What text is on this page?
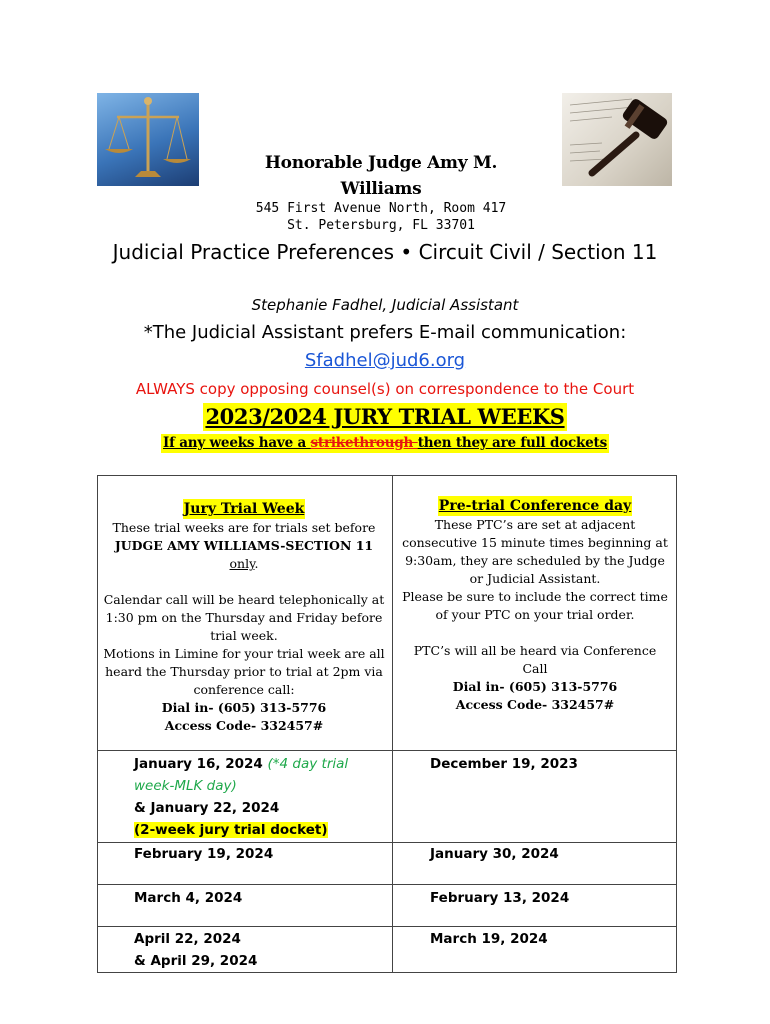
Honorable Judge Amy M.
Williams
545 First Avenue North, Room 417
St. Petersburg, FL 33701
Judicial Practice Preferences • Circuit Civil / Section 11
Stephanie Fadhel, Judicial Assistant
*The Judicial Assistant prefers E-mail communication:
Sfadhel@jud6.org
ALWAYS copy opposing counsel(s) on correspondence to the Court
2023/2024 JURY TRIAL WEEKS
If any weeks have a strikethrough then they are full dockets

Jury Trial Week

These trial weeks are for trials set before

JUDGE AMY WILLIAMS-SECTION 11 only.

Calendar call will be heard telephonically at 1:30 pm on the Thursday and Friday before trial week.

Motions in Limine for your trial week are all heard the Thursday prior to trial at 2pm via conference call:

Dial in- (605) 313-5776

Access Code- 332457#

Pre-trial Conference day

These PTC’s are set at adjacent consecutive 15 minute times beginning at 9:30am, they are scheduled by the Judge or Judicial Assistant.

Please be sure to include the correct time of your PTC on your trial order.

PTC’s will all be heard via Conference Call

Dial in- (605) 313-5776

Access Code- 332457#

January 16, 2024 (*4 day trial week-MLK day)
& January 22, 2024
(2-week jury trial docket)
December 19, 2023
February 19, 2024	January 30, 2024
March 4, 2024	February 13, 2024
April 22, 2024
& April 29, 2024
March 19, 2024
